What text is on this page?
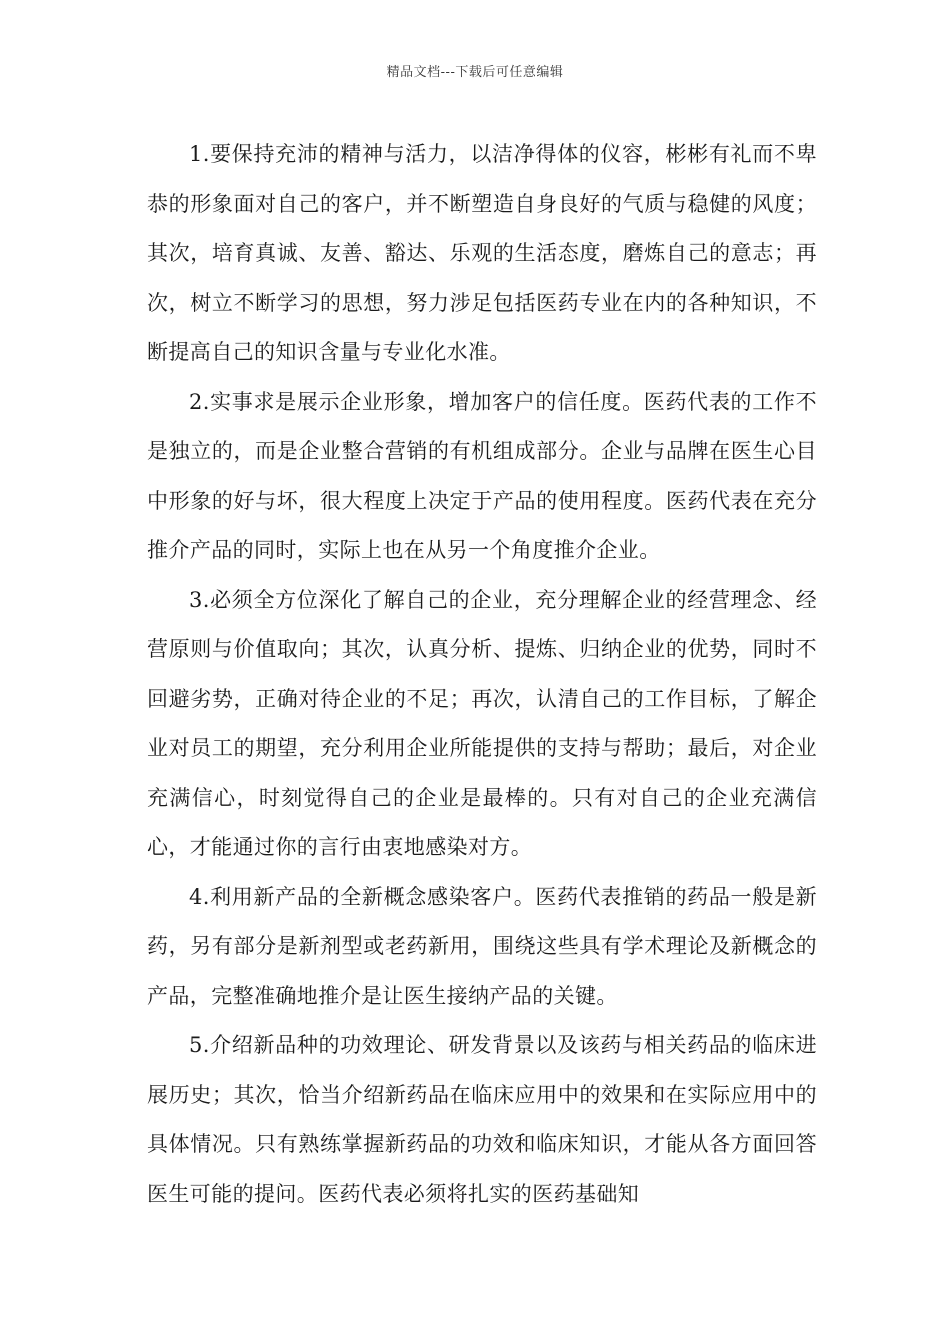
精品文档---下载后可任意编辑

1.要保持充沛的精神与活力，以洁净得体的仪容，彬彬有礼而不卑恭的形象面对自己的客户，并不断塑造自身良好的气质与稳健的风度；其次，培育真诚、友善、豁达、乐观的生活态度，磨炼自己的意志；再次，树立不断学习的思想，努力涉足包括医药专业在内的各种知识，不断提高自己的知识含量与专业化水准。

2.实事求是展示企业形象，增加客户的信任度。医药代表的工作不是独立的，而是企业整合营销的有机组成部分。企业与品牌在医生心目中形象的好与坏，很大程度上决定于产品的使用程度。医药代表在充分推介产品的同时，实际上也在从另一个角度推介企业。

3.必须全方位深化了解自己的企业，充分理解企业的经营理念、经营原则与价值取向；其次，认真分析、提炼、归纳企业的优势，同时不回避劣势，正确对待企业的不足；再次，认清自己的工作目标，了解企业对员工的期望，充分利用企业所能提供的支持与帮助；最后，对企业充满信心，时刻觉得自己的企业是最棒的。只有对自己的企业充满信心，才能通过你的言行由衷地感染对方。

4.利用新产品的全新概念感染客户。医药代表推销的药品一般是新药，另有部分是新剂型或老药新用，围绕这些具有学术理论及新概念的产品，完整准确地推介是让医生接纳产品的关键。

5.介绍新品种的功效理论、研发背景以及该药与相关药品的临床进展历史；其次，恰当介绍新药品在临床应用中的效果和在实际应用中的具体情况。只有熟练掌握新药品的功效和临床知识，才能从各方面回答医生可能的提问。医药代表必须将扎实的医药基础知
